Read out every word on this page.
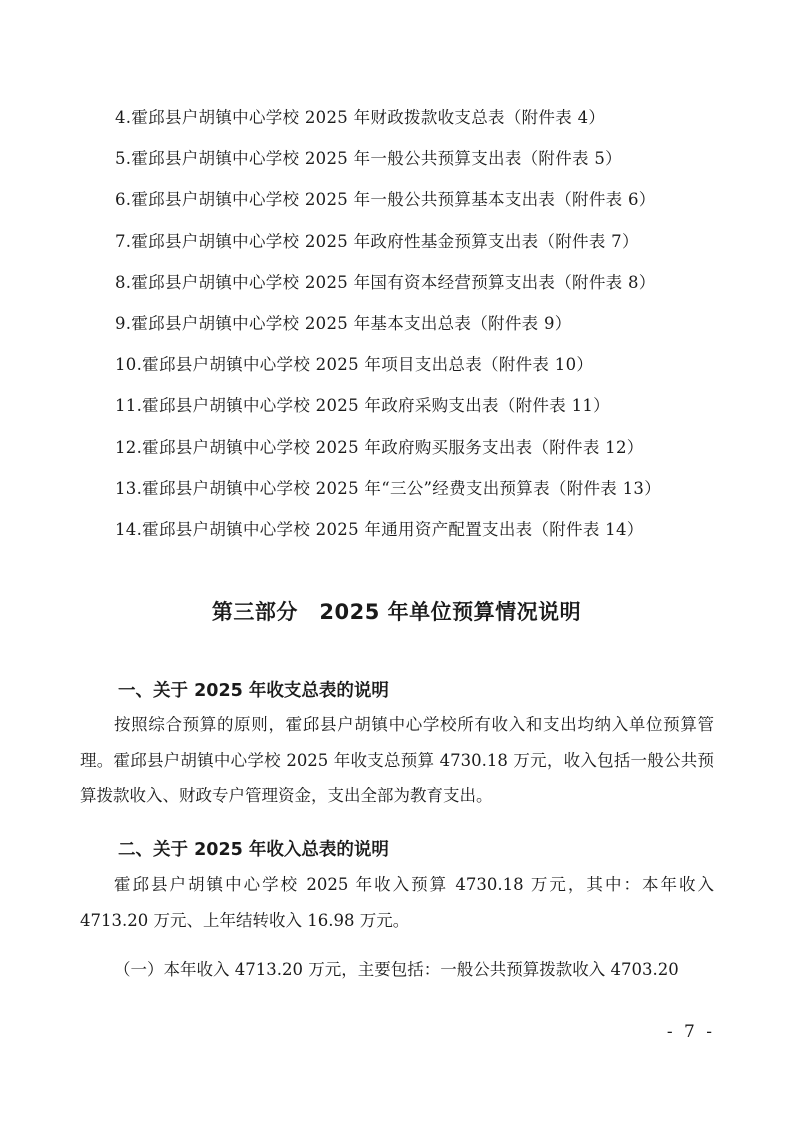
4.霍邱县户胡镇中心学校 2025 年财政拨款收支总表（附件表 4）
5.霍邱县户胡镇中心学校 2025 年一般公共预算支出表（附件表 5）
6.霍邱县户胡镇中心学校 2025 年一般公共预算基本支出表（附件表 6）
7.霍邱县户胡镇中心学校 2025 年政府性基金预算支出表（附件表 7）
8.霍邱县户胡镇中心学校 2025 年国有资本经营预算支出表（附件表 8）
9.霍邱县户胡镇中心学校 2025 年基本支出总表（附件表 9）
10.霍邱县户胡镇中心学校 2025 年项目支出总表（附件表 10）
11.霍邱县户胡镇中心学校 2025 年政府采购支出表（附件表 11）
12.霍邱县户胡镇中心学校 2025 年政府购买服务支出表（附件表 12）
13.霍邱县户胡镇中心学校 2025 年“三公”经费支出预算表（附件表 13）
14.霍邱县户胡镇中心学校 2025 年通用资产配置支出表（附件表 14）
第三部分　2025 年单位预算情况说明
一、关于 2025 年收支总表的说明

按照综合预算的原则，霍邱县户胡镇中心学校所有收入和支出均纳入单位预算管理。霍邱县户胡镇中心学校 2025 年收支总预算 4730.18 万元，收入包括一般公共预算拨款收入、财政专户管理资金，支出全部为教育支出。

二、关于 2025 年收入总表的说明

霍邱县户胡镇中心学校 2025 年收入预算 4730.18 万元，其中：本年收入 4713.20 万元、上年结转收入 16.98 万元。

（一）本年收入 4713.20 万元，主要包括：一般公共预算拨款收入 4703.20

- 7 -
